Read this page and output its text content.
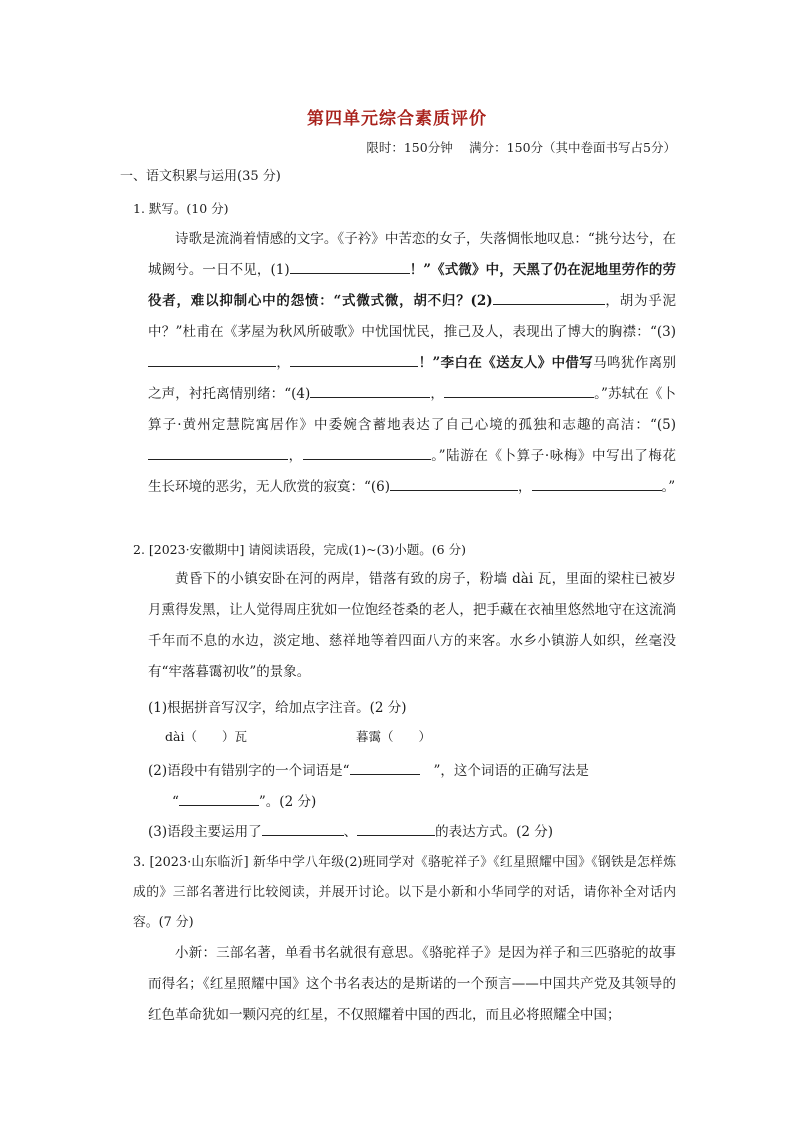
第四单元综合素质评价
限时：150分钟　 满分：150分（其中卷面书写占5分）
一、语文积累与运用(35 分)
1. 默写。(10 分)

诗歌是流淌着情感的文字。《子衿》中苦恋的女子，失落惆怅地叹息：“挑兮达兮，在城阙兮。一日不见，(1)	！”《式微》中，天黑了仍在泥地里劳作的劳役者，难以抑制心中的怨愤：“式微式微，胡不归？(2)	，胡为乎泥中？”杜甫在《茅屋为秋风所破歌》中忧国忧民，推己及人，表现出了博大的胸襟：“(3)，	！”李白在《送友人》中借写马鸣犹作离别之声，衬托离情别绪：“(4)	，	。”苏轼在《卜算子·黄州定慧院寓居作》中委婉含蓄地表达了自己心境的孤独和志趣的高洁：“(5)，	。”陆游在《卜算子·咏梅》中写出了梅花生长环境的恶劣，无人欣赏的寂寞：“(6)	，	。”

2. [2023·安徽期中] 请阅读语段，完成(1)~(3)小题。(6 分)

黄昏下的小镇安卧在河的两岸，错落有致的房子，粉墙 dài 瓦，里面的梁柱已被岁月熏得发黑，让人觉得周庄犹如一位饱经苍桑的老人，把手藏在衣袖里悠然地守在这流淌千年而不息的水边，淡定地、慈祥地等着四面八方的来客。水乡小镇游人如织，丝毫没有“牢落暮霭初收”的景象。

(1)根据拼音写汉字，给加点字注音。(2 分)
dài（　　）瓦	暮霭（　　）
(2)语段中有错别字的一个词语是“	”，这个词语的正确写法是
“	”。(2 分)
(3)语段主要运用了	、	的表达方式。(2 分)
3. [2023·山东临沂] 新华中学八年级(2)班同学对《骆驼祥子》《红星照耀中国》《钢铁是怎样炼成的》三部名著进行比较阅读，并展开讨论。以下是小新和小华同学的对话，请你补全对话内容。(7 分)

小新：三部名著，单看书名就很有意思。《骆驼祥子》是因为祥子和三匹骆驼的故事而得名；《红星照耀中国》这个书名表达的是斯诺的一个预言——中国共产党及其领导的红色革命犹如一颗闪亮的红星，不仅照耀着中国的西北，而且必将照耀全中国；
